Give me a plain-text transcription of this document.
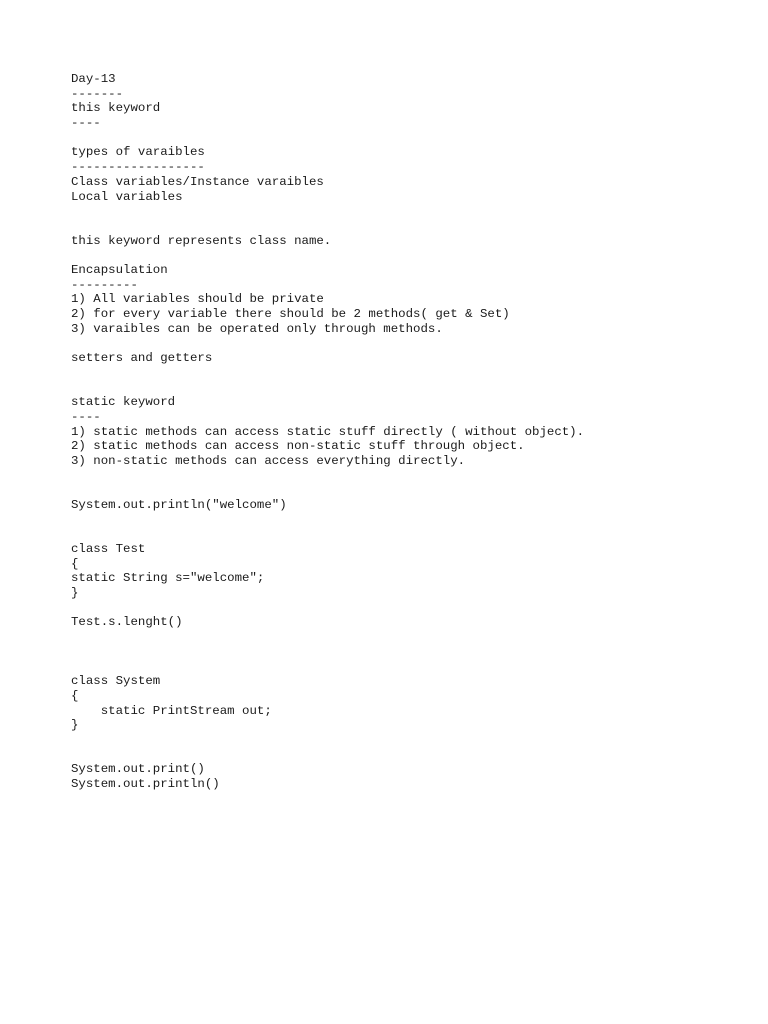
Day-13
-------
this keyword
----
types of varaibles
------------------
Class variables/Instance varaibles
Local variables
this keyword represents class name.
Encapsulation
---------
1) All variables should be private
2) for every variable there should be 2 methods( get & Set)
3) varaibles can be operated only through methods.
setters and getters
static keyword
----
1) static methods can access static stuff directly ( without object).
2) static methods can access non-static stuff through object.
3) non-static methods can access everything directly.
System.out.println("welcome")
class Test
{
static String s="welcome";
}
Test.s.lenght()
class System
{
static PrintStream out;
}
System.out.print()
System.out.println()
